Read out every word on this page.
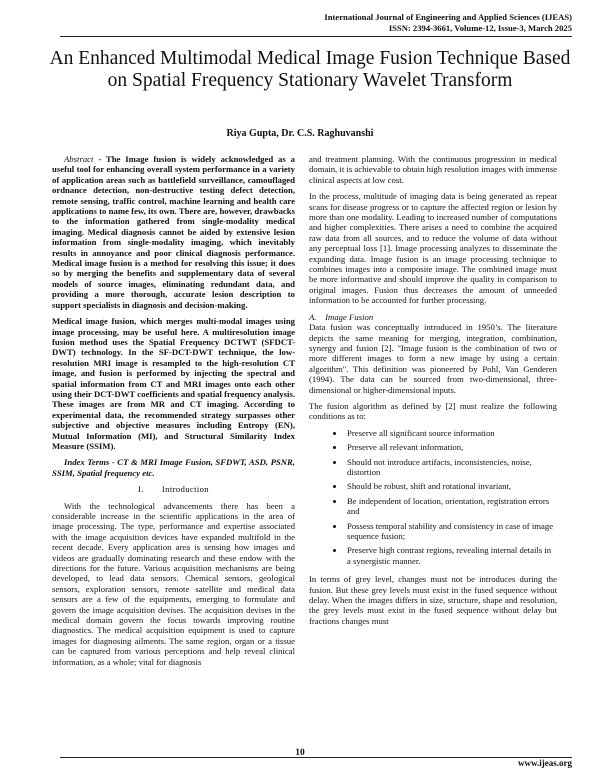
International Journal of Engineering and Applied Sciences (IJEAS)
ISSN: 2394-3661, Volume-12, Issue-3, March 2025
An Enhanced Multimodal Medical Image Fusion Technique Based on Spatial Frequency Stationary Wavelet Transform
Riya Gupta, Dr. C.S. Raghuvanshi

Abstract - The Image fusion is widely acknowledged as a useful tool for enhancing overall system performance in a variety of application areas such as battlefield surveillance, camouflaged ordnance detection, non-destructive testing defect detection, remote sensing, traffic control, machine learning and health care applications to name few, its own. There are, however, drawbacks to the information gathered from single-modality medical imaging. Medical diagnosis cannot be aided by extensive lesion information from single-modality imaging, which inevitably results in annoyance and poor clinical diagnosis performance. Medical image fusion is a method for resolving this issue; it does so by merging the benefits and supplementary data of several models of source images, eliminating redundant data, and providing a more thorough, accurate lesion description to support specialists in diagnosis and decision-making.

Medical image fusion, which merges multi-modal images using image processing, may be useful here. A multiresolution image fusion method uses the Spatial Frequency DCTWT (SFDCT-DWT) technology. In the SF-DCT-DWT technique, the low-resolution MRI image is resampled to the high-resolution CT image, and fusion is performed by injecting the spectral and spatial information from CT and MRI images onto each other using their DCT-DWT coefficients and spatial frequency analysis. These images are from MR and CT imaging. According to experimental data, the recommended strategy surpasses other subjective and objective measures including Entropy (EN), Mutual Information (MI), and Structural Similarity Index Measure (SSIM).

Index Terms - CT & MRI Image Fusion, SFDWT, ASD, PSNR, SSIM, Spatial frequency etc.

I.  Introduction

With the technological advancements there has been a considerable increase in the scientific applications in the area of image processing. The type, performance and expertise associated with the image acquisition devices have expanded multifold in the recent decade. Every application area is sensing how images and videos are gradually dominating research and these endow with the directions for the future. Various acquisition mechanisms are being developed, to lead data sensors. Chemical sensors, geological sensors, exploration sensors, remote satellite and medical data sensors are a few of the equipments, emerging to formulate and govern the image acquisition devises. The acquisition devises in the medical domain govern the focus towards improving routine diagnostics. The medical acquisition equipment is used to capture images for diagnosing ailments. The same region, organ or a tissue can be captured from various perceptions and help reveal clinical information, as a whole; vital for diagnosis

and treatment planning. With the continuous progression in medical domain, it is achievable to obtain high resolution images with immense clinical aspects at low cost.

In the process, multitude of imaging data is being generated as repeat scans for disease progress or to capture the affected region or lesion by more than one modality. Leading to increased number of computations and higher complexities. There arises a need to combine the acquired raw data from all sources, and to reduce the volume of data without any perceptual loss [1]. Image processing analyzes to disseminate the expanding data. Image fusion is an image processing technique to combines images into a composite image. The combined image must be more informative and should improve the quality in comparison to original images. Fusion thus decreases the amount of unneeded information to be accounted for further processing.

A. Image Fusion

Data fusion was conceptually introduced in 1950’s. The literature depicts the same meaning for merging, integration, combination, synergy and fusion [2]. "Image fusion is the combination of two or more different images to form a new image by using a certain algorithm". This definition was pioneered by Pohl, Van Genderen (1994). The data can be sourced from two-dimensional, three-dimensional or higher-dimensional inputs.

The fusion algorithm as defined by [2] must realize the following conditions as to:

• Preserve all significant source information
• Preserve all relevant information,
• Should not introduce artifacts, inconsistencies, noise, distortion
• Should be robust, shift and rotational invariant,
• Be independent of location, orientation, registration errors and
• Possess temporal stability and consistency in case of image sequence fusion;
• Preserve high contrast regions, revealing internal details in a synergistic manner.

In terms of grey level, changes must not be introduces during the fusion. But these grey levels must exist in the fused sequence without delay. When the images differs in size, structure, shape and resolution, the grey levels must exist in the fused sequence without delay but fractions changes must

10
www.ijeas.org
